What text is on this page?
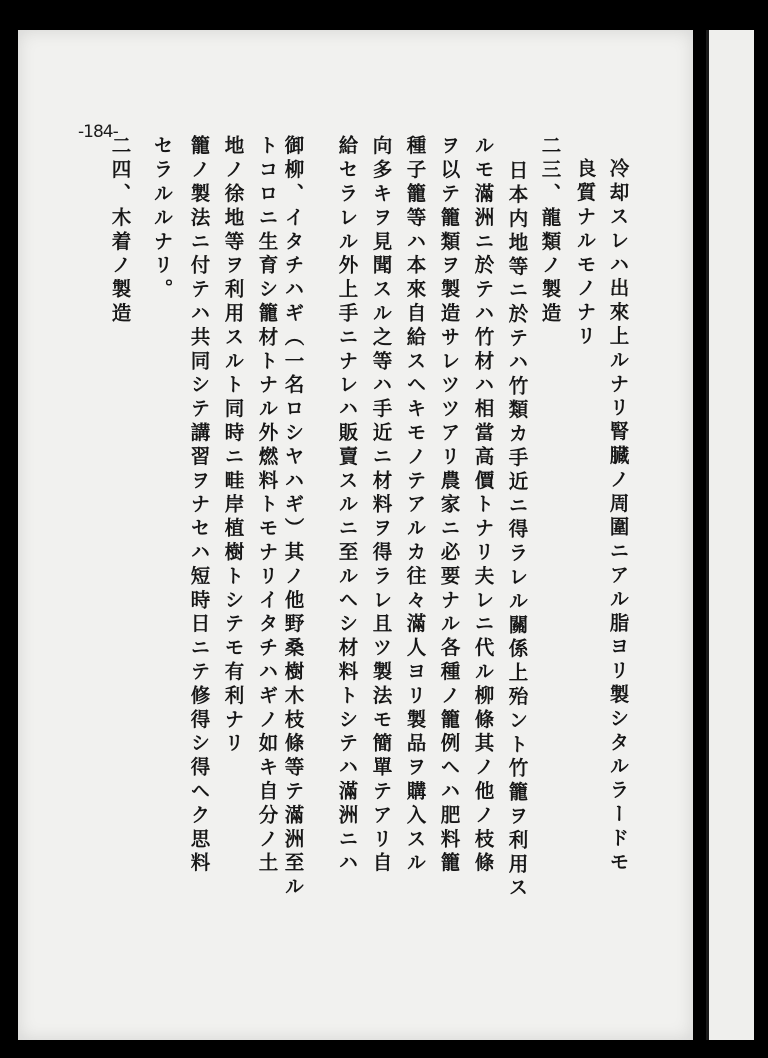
-184-
冷却スレハ出來上ルナリ腎臓ノ周圍ニアル脂ヨリ製シタルラードモ
良質ナルモノナリ
二三、龍類ノ製造
日本内地等ニ於テハ竹類カ手近ニ得ラレル關係上殆ント竹籠ヲ利用ス
ルモ滿洲ニ於テハ竹材ハ相當高價トナリ夫レニ代ル柳條其ノ他ノ枝條
ヲ以テ籠類ヲ製造サレツツアリ農家ニ必要ナル各種ノ籠例ヘハ肥料籠
種子籠等ハ本來自給スヘキモノテアルカ往々滿人ヨリ製品ヲ購入スル
向多キヲ見聞スル之等ハ手近ニ材料ヲ得ラレ且ツ製法モ簡單テアリ自
給セラレル外上手ニナレハ販賣スルニ至ルヘシ材料トシテハ滿洲ニハ
御柳、イタチハギ（一名ロシヤハギ）其ノ他野桑樹木枝條等テ滿洲至ル
トコロニ生育シ籠材トナル外燃料トモナリイタチハギノ如キ自分ノ土
地ノ徐地等ヲ利用スルト同時ニ畦岸植樹トシテモ有利ナリ
籠ノ製法ニ付テハ共同シテ講習ヲナセハ短時日ニテ修得シ得ヘク思料
セラルルナリ。
二四、木着ノ製造
